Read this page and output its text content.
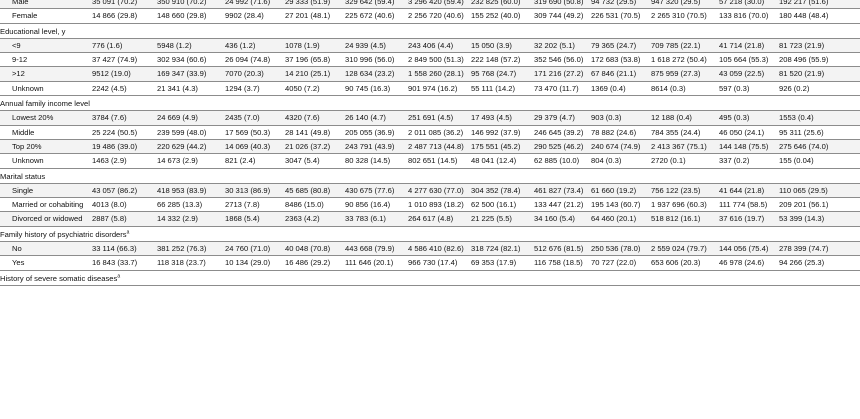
Male	35 091 (70.2)	350 910 (70.2)	24 992 (71.6)	29 333 (51.9)	329 642 (59.4)	3 296 420 (59.4)	232 825 (60.0)	319 690 (50.8)	94 732 (29.5)	947 320 (29.5)	57 218 (30.0)	192 217 (51.6)
Female	14 866 (29.8)	148 660 (29.8)	9902 (28.4)	27 201 (48.1)	225 672 (40.6)	2 256 720 (40.6)	155 252 (40.0)	309 744 (49.2)	226 531 (70.5)	2 265 310 (70.5)	133 816 (70.0)	180 448 (48.4)
Educational level, y												
<9	776 (1.6)	5948 (1.2)	436 (1.2)	1078 (1.9)	24 939 (4.5)	243 406 (4.4)	15 050 (3.9)	32 202 (5.1)	79 365 (24.7)	709 785 (22.1)	41 714 (21.8)	81 723 (21.9)
9-12	37 427 (74.9)	302 934 (60.6)	26 094 (74.8)	37 196 (65.8)	310 996 (56.0)	2 849 500 (51.3)	222 148 (57.2)	352 546 (56.0)	172 683 (53.8)	1 618 272 (50.4)	105 664 (55.3)	208 496 (55.9)
>12	9512 (19.0)	169 347 (33.9)	7070 (20.3)	14 210 (25.1)	128 634 (23.2)	1 558 260 (28.1)	95 768 (24.7)	171 216 (27.2)	67 846 (21.1)	875 959 (27.3)	43 059 (22.5)	81 520 (21.9)
Unknown	2242 (4.5)	21 341 (4.3)	1294 (3.7)	4050 (7.2)	90 745 (16.3)	901 974 (16.2)	55 111 (14.2)	73 470 (11.7)	1369 (0.4)	8614 (0.3)	597 (0.3)	926 (0.2)
Annual family income level												
Lowest 20%	3784 (7.6)	24 669 (4.9)	2435 (7.0)	4320 (7.6)	26 140 (4.7)	251 691 (4.5)	17 493 (4.5)	29 379 (4.7)	903 (0.3)	12 188 (0.4)	495 (0.3)	1553 (0.4)
Middle	25 224 (50.5)	239 599 (48.0)	17 569 (50.3)	28 141 (49.8)	205 055 (36.9)	2 011 085 (36.2)	146 992 (37.9)	246 645 (39.2)	78 882 (24.6)	784 355 (24.4)	46 050 (24.1)	95 311 (25.6)
Top 20%	19 486 (39.0)	220 629 (44.2)	14 069 (40.3)	21 026 (37.2)	243 791 (43.9)	2 487 713 (44.8)	175 551 (45.2)	290 525 (46.2)	240 674 (74.9)	2 413 367 (75.1)	144 148 (75.5)	275 646 (74.0)
Unknown	1463 (2.9)	14 673 (2.9)	821 (2.4)	3047 (5.4)	80 328 (14.5)	802 651 (14.5)	48 041 (12.4)	62 885 (10.0)	804 (0.3)	2720 (0.1)	337 (0.2)	155 (0.04)
Marital status												
Single	43 057 (86.2)	418 953 (83.9)	30 313 (86.9)	45 685 (80.8)	430 675 (77.6)	4 277 630 (77.0)	304 352 (78.4)	461 827 (73.4)	61 660 (19.2)	756 122 (23.5)	41 644 (21.8)	110 065 (29.5)
Married or cohabiting	4013 (8.0)	66 285 (13.3)	2713 (7.8)	8486 (15.0)	90 856 (16.4)	1 010 893 (18.2)	62 500 (16.1)	133 447 (21.2)	195 143 (60.7)	1 937 696 (60.3)	111 774 (58.5)	209 201 (56.1)
Divorced or widowed	2887 (5.8)	14 332 (2.9)	1868 (5.4)	2363 (4.2)	33 783 (6.1)	264 617 (4.8)	21 225 (5.5)	34 160 (5.4)	64 460 (20.1)	518 812 (16.1)	37 616 (19.7)	53 399 (14.3)
Family history of psychiatric disorders$^a$
No	33 114 (66.3)	381 252 (76.3)	24 760 (71.0)	40 048 (70.8)	443 668 (79.9)	4 586 410 (82.6)	318 724 (82.1)	512 676 (81.5)	250 536 (78.0)	2 559 024 (79.7)	144 056 (75.4)	278 399 (74.7)
Yes	16 843 (33.7)	118 318 (23.7)	10 134 (29.0)	16 486 (29.2)	111 646 (20.1)	966 730 (17.4)	69 353 (17.9)	116 758 (18.5)	70 727 (22.0)	653 606 (20.3)	46 978 (24.6)	94 266 (25.3)
History of severe somatic diseases$^a$
